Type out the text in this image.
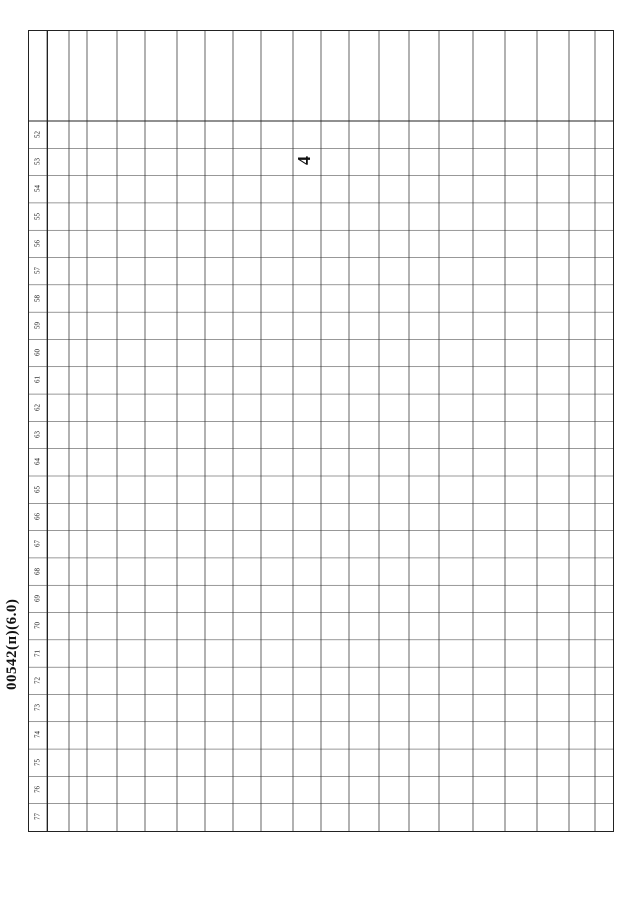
4
52
53
54
55
56
57
58
59
60
61
62
63
64
65
66
67
68
69
70
71
72
73
74
75
76
77
00542(п)(6.0)
